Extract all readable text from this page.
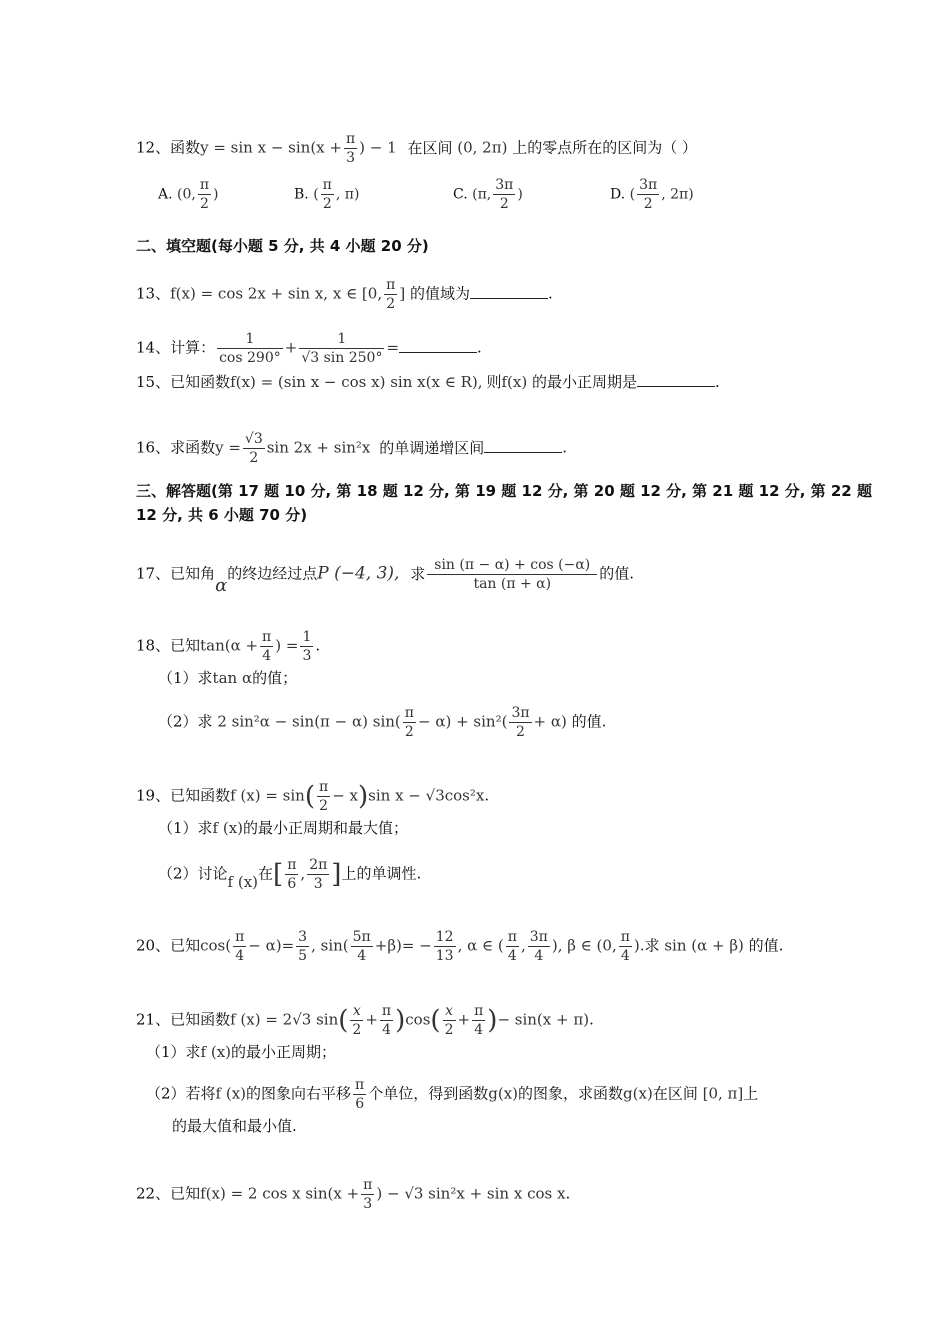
12、函数$y = \sin x - \sin(x + \frac{\pi}{3}$ ) − 1 在区间 (0, 2π) 上的零点所在的区间为（ ）
A. (0, $\frac{\pi}{2}$ )	B. ( $\frac{\pi}{2}$ , π)	C. (π, $\frac{3\pi}{2}$ )	D. ( $\frac{3\pi}{2}$ , 2π)
二、填空题(每小题 5 分, 共 4 小题 20 分)
13、f(x) = cos 2x + sin x, x ∈ [0, $\frac{\pi}{2}$ ] 的值域为	.
14、计算： $\frac{1}{\cos 290^\circ} + \frac{1}{√3 \sin 250^\circ}$ =	.
15、已知函数f(x) = (sin x − cos x) sin x(x ∈ R), 则f(x) 的最小正周期是	.
16、求函数$y = \frac{√3}{2}$ sin 2x + sin²x 的单调递增区间	.
三、解答题(第 17 题 10 分, 第 18 题 12 分, 第 19 题 12 分, 第 20 题 12 分, 第 21 题 12 分, 第 22 题
12 分, 共 6 小题 70 分)
17、已知角α的终边经过点P (−4, 3), 求 $\frac{\sin (\pi - \alpha) + \cos (-\alpha)}{\tan (\pi + \alpha)}$ 的值.
18、已知$\tan(\alpha + \frac{\pi}{4}$ ) = $\frac{1}{3}$ .
（1）求tan α的值；
（2）求 2 sin²α − sin(π − α) $\sin( \frac{\pi}{2} - \alpha) + \sin^2( \frac{3\pi}{2} + \alpha)$ 的值.
19、已知函数f $(x) = \sin( \frac{\pi}{2} - x)\sin$ x − √3cos²x.
（1）求f (x)的最小正周期和最大值；
（2）讨论f (x)在[ $\frac{\pi}{6}$ , $\frac{2\pi}{3}$ ]上的单调性.
20、已知$\cos( \frac{\pi}{4} - \alpha)= \frac{3}{5}$ , $\sin( \frac{5\pi}{4} +\beta)= - \frac{12}{13}$ , α ∈ ( $\frac{\pi}{4}$ , $\frac{3\pi}{4}$ ), β ∈ (0, $\frac{\pi}{4}$ ).求 sin (α + β) 的值.
21、已知函数f (x) = 2√3 $\sin( \frac{x}{2} + \frac{\pi}{4} )\cos( \frac{x}{2} + \frac{\pi}{4}$ )− sin(x + π).
（1）求f (x)的最小正周期；
（2）若将f (x)的图象向右平移 $\frac{\pi}{6}$ 个单位，得到函数g(x)的图象，求函数g(x)在区间 [0, π]上
的最大值和最小值.
22、已知f(x) = 2 cos x $\sin(x + \frac{\pi}{3}$ ) − √3 sin²x + sin x cos x.
